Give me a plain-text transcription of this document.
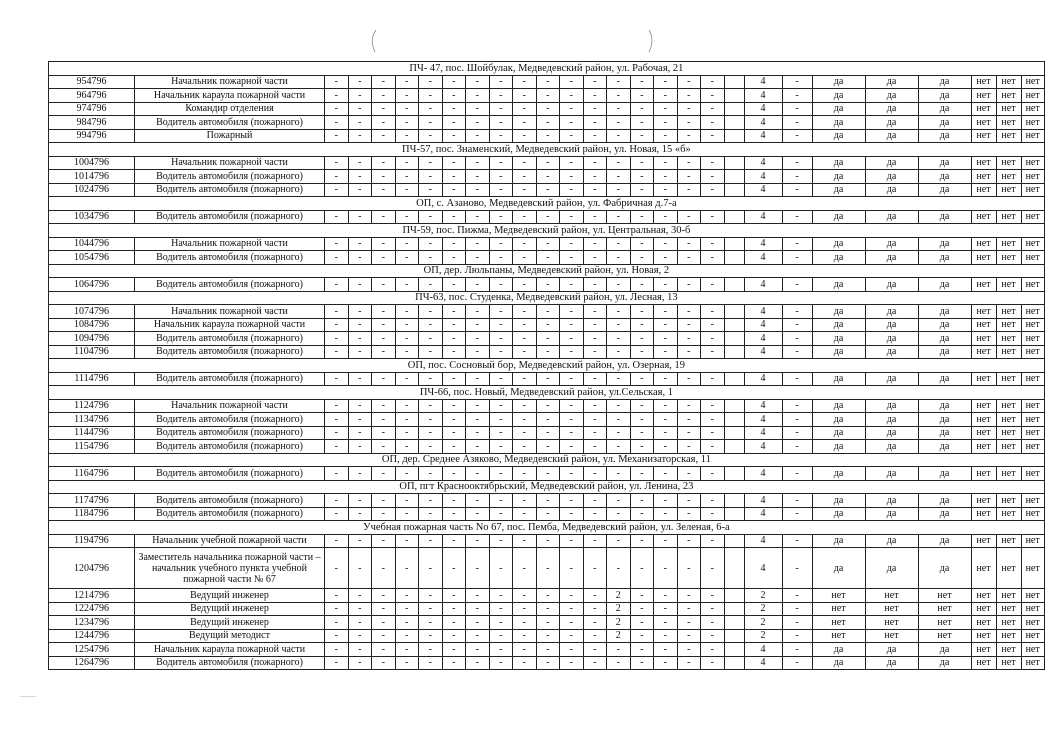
ПЧ- 47, пос. Шойбулак, Медведевский район, ул. Рабочая, 21																											
954796	Начальник пожарной части	-	-	-	-	-	-	-	-	-	-	-	-	-	-	-	-	-		4	-	да	да	да	нет	нет	нет
964796	Начальник караула пожарной части	-	-	-	-	-	-	-	-	-	-	-	-	-	-	-	-	-		4	-	да	да	да	нет	нет	нет
974796	Командир отделения	-	-	-	-	-	-	-	-	-	-	-	-	-	-	-	-	-		4	-	да	да	да	нет	нет	нет
984796	Водитель автомобиля (пожарного)	-	-	-	-	-	-	-	-	-	-	-	-	-	-	-	-	-		4	-	да	да	да	нет	нет	нет
994796	Пожарный	-	-	-	-	-	-	-	-	-	-	-	-	-	-	-	-	-		4	-	да	да	да	нет	нет	нет
ПЧ-57, пос. Знаменский, Медведевский район, ул. Новая, 15 «б»																											
1004796	Начальник пожарной части	-	-	-	-	-	-	-	-	-	-	-	-	-	-	-	-	-		4	-	да	да	да	нет	нет	нет
1014796	Водитель автомобиля (пожарного)	-	-	-	-	-	-	-	-	-	-	-	-	-	-	-	-	-		4	-	да	да	да	нет	нет	нет
1024796	Водитель автомобиля (пожарного)	-	-	-	-	-	-	-	-	-	-	-	-	-	-	-	-	-		4	-	да	да	да	нет	нет	нет
ОП, с. Азаново, Медведевский район, ул. Фабричная д.7-а																											
1034796	Водитель автомобиля (пожарного)	-	-	-	-	-	-	-	-	-	-	-	-	-	-	-	-	-		4	-	да	да	да	нет	нет	нет
ПЧ-59, пос. Пижма, Медведевский район, ул. Центральная, 30-б																											
1044796	Начальник пожарной части	-	-	-	-	-	-	-	-	-	-	-	-	-	-	-	-	-		4	-	да	да	да	нет	нет	нет
1054796	Водитель автомобиля (пожарного)	-	-	-	-	-	-	-	-	-	-	-	-	-	-	-	-	-		4	-	да	да	да	нет	нет	нет
ОП, дер. Люльпаны, Медведевский район, ул. Новая, 2																											
1064796	Водитель автомобиля (пожарного)	-	-	-	-	-	-	-	-	-	-	-	-	-	-	-	-	-		4	-	да	да	да	нет	нет	нет
ПЧ-63, пос. Студенка, Медведевский район, ул. Лесная, 13																											
1074796	Начальник пожарной части	-	-	-	-	-	-	-	-	-	-	-	-	-	-	-	-	-		4	-	да	да	да	нет	нет	нет
1084796	Начальник караула пожарной части	-	-	-	-	-	-	-	-	-	-	-	-	-	-	-	-	-		4	-	да	да	да	нет	нет	нет
1094796	Водитель автомобиля (пожарного)	-	-	-	-	-	-	-	-	-	-	-	-	-	-	-	-	-		4	-	да	да	да	нет	нет	нет
1104796	Водитель автомобиля (пожарного)	-	-	-	-	-	-	-	-	-	-	-	-	-	-	-	-	-		4	-	да	да	да	нет	нет	нет
ОП, пос. Сосновый бор, Медведевский район, ул. Озерная, 19																											
1114796	Водитель автомобиля (пожарного)	-	-	-	-	-	-	-	-	-	-	-	-	-	-	-	-	-		4	-	да	да	да	нет	нет	нет
ПЧ-66, пос. Новый, Медведевский район, ул.Сельская, 1																											
1124796	Начальник пожарной части	-	-	-	-	-	-	-	-	-	-	-	-	-	-	-	-	-		4	-	да	да	да	нет	нет	нет
1134796	Водитель автомобиля (пожарного)	-	-	-	-	-	-	-	-	-	-	-	-	-	-	-	-	-		4	-	да	да	да	нет	нет	нет
1144796	Водитель автомобиля (пожарного)	-	-	-	-	-	-	-	-	-	-	-	-	-	-	-	-	-		4	-	да	да	да	нет	нет	нет
1154796	Водитель автомобиля (пожарного)	-	-	-	-	-	-	-	-	-	-	-	-	-	-	-	-	-		4	-	да	да	да	нет	нет	нет
ОП, дер. Среднее Азяково, Медведевский район, ул. Механизаторская, 11																											
1164796	Водитель автомобиля (пожарного)	-	-	-	-	-	-	-	-	-	-	-	-	-	-	-	-	-		4	-	да	да	да	нет	нет	нет
ОП, пгт Краснооктябрьский, Медведевский район, ул. Ленина, 23																											
1174796	Водитель автомобиля (пожарного)	-	-	-	-	-	-	-	-	-	-	-	-	-	-	-	-	-		4	-	да	да	да	нет	нет	нет
1184796	Водитель автомобиля (пожарного)	-	-	-	-	-	-	-	-	-	-	-	-	-	-	-	-	-		4	-	да	да	да	нет	нет	нет
Учебная пожарная часть No 67, пос. Пемба, Медведевский район, ул. Зеленая, 6-а																											
1194796	Начальник учебной пожарной части	-	-	-	-	-	-	-	-	-	-	-	-	-	-	-	-	-		4	-	да	да	да	нет	нет	нет
1204796	Заместитель начальника пожарной части – начальник учебного пункта учебной пожарной части № 67	-	-	-	-	-	-	-	-	-	-	-	-	-	-	-	-	-		4	-	да	да	да	нет	нет	нет
1214796	Ведущий инженер	-	-	-	-	-	-	-	-	-	-	-	-	2	-	-	-	-		2	-	нет	нет	нет	нет	нет	нет
1224796	Ведущий инженер	-	-	-	-	-	-	-	-	-	-	-	-	2	-	-	-	-		2	-	нет	нет	нет	нет	нет	нет
1234796	Ведущий инженер	-	-	-	-	-	-	-	-	-	-	-	-	2	-	-	-	-		2	-	нет	нет	нет	нет	нет	нет
1244796	Ведущий методист	-	-	-	-	-	-	-	-	-	-	-	-	2	-	-	-	-		2	-	нет	нет	нет	нет	нет	нет
1254796	Начальник караула пожарной части	-	-	-	-	-	-	-	-	-	-	-	-	-	-	-	-	-		4	-	да	да	да	нет	нет	нет
1264796	Водитель автомобиля (пожарного)	-	-	-	-	-	-	-	-	-	-	-	-	-	-	-	-	-		4	-	да	да	да	нет	нет	нет
